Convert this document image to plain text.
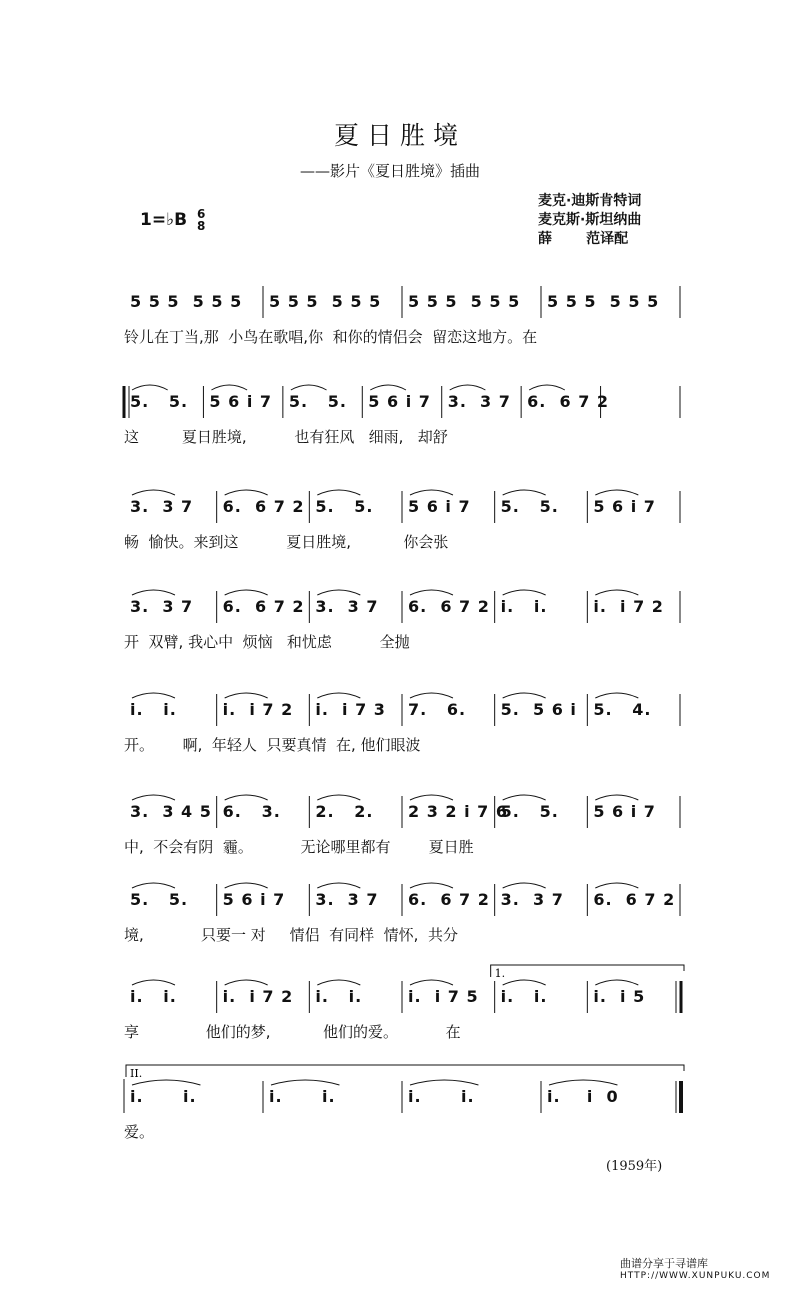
夏日胜境
——影片《夏日胜境》插曲
1=♭B 6
8
麦克·迪斯肯特词
麦克斯·斯坦纳曲
薛       范译配
5 5 5  5 5 5 5 5 5  5 5 5 5 5 5  5 5 5 5 5 5  5 5 5
铃儿在丁当,那  小鸟在歌唱,你  和你的情侣会  留恋这地方。在
5.   5. 5 6 i 7 5.   5. 5 6 i 7 3.  3 7 6.  6 7 2
这         夏日胜境,          也有狂风   细雨,   却舒
3.  3 7 6.  6 7 2 5.   5. 5 6 i 7 5.   5. 5 6 i 7
畅  愉快。来到这          夏日胜境,           你会张
3.  3 7 6.  6 7 2 3.  3 7 6.  6 7 2 i.   i.	i.  i 7 2
开  双臂, 我心中  烦恼   和忧虑          全抛
i.   i.	i.  i 7 2 i.  i 7 3 7.   6. 5.  5 6 i 5.   4.
开。      啊,  年轻人  只要真情  在, 他们眼波
3.  3 4 5 6.   3. 2.   2. 2 3 2 i 7 6
5.   5. 5 6 i 7
中,  不会有阴  霾。          无论哪里都有        夏日胜
5.   5. 5 6 i 7 3.  3 7 6.  6 7 2 3.  3 7 6.  6 7 2
境,            只要一 对     情侣  有同样  情怀,  共分
1.
i.   i.	i.  i 7 2 i.   i.	i.  i 7 5 i.   i.	i.  i 5
享              他们的梦,           他们的爱。          在
II.
i.      i.	i.      i.	i.      i.	i.    i  0
爱。
(1959年)
曲谱分享于寻谱库
HTTP://WWW.XUNPUKU.COM
